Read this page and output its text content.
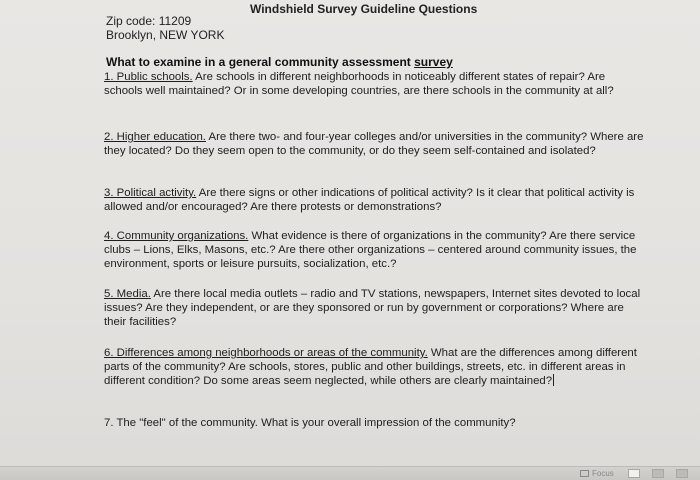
Windshield Survey Guideline Questions
Zip code: 11209
Brooklyn, NEW YORK
What to examine in a general community assessment survey
1. Public schools. Are schools in different neighborhoods in noticeably different states of repair? Are schools well maintained? Or in some developing countries, are there schools in the community at all?
2. Higher education. Are there two- and four-year colleges and/or universities in the community? Where are they located? Do they seem open to the community, or do they seem self-contained and isolated?
3. Political activity. Are there signs or other indications of political activity? Is it clear that political activity is allowed and/or encouraged? Are there protests or demonstrations?
4. Community organizations. What evidence is there of organizations in the community? Are there service clubs – Lions, Elks, Masons, etc.? Are there other organizations – centered around community issues, the environment, sports or leisure pursuits, socialization, etc.?
5. Media. Are there local media outlets – radio and TV stations, newspapers, Internet sites devoted to local issues? Are they independent, or are they sponsored or run by government or corporations? Where are their facilities?
6. Differences among neighborhoods or areas of the community. What are the differences among different parts of the community? Are schools, stores, public and other buildings, streets, etc. in different areas in different condition? Do some areas seem neglected, while others are clearly maintained?
7. The "feel" of the community. What is your overall impression of the community?
Focus
